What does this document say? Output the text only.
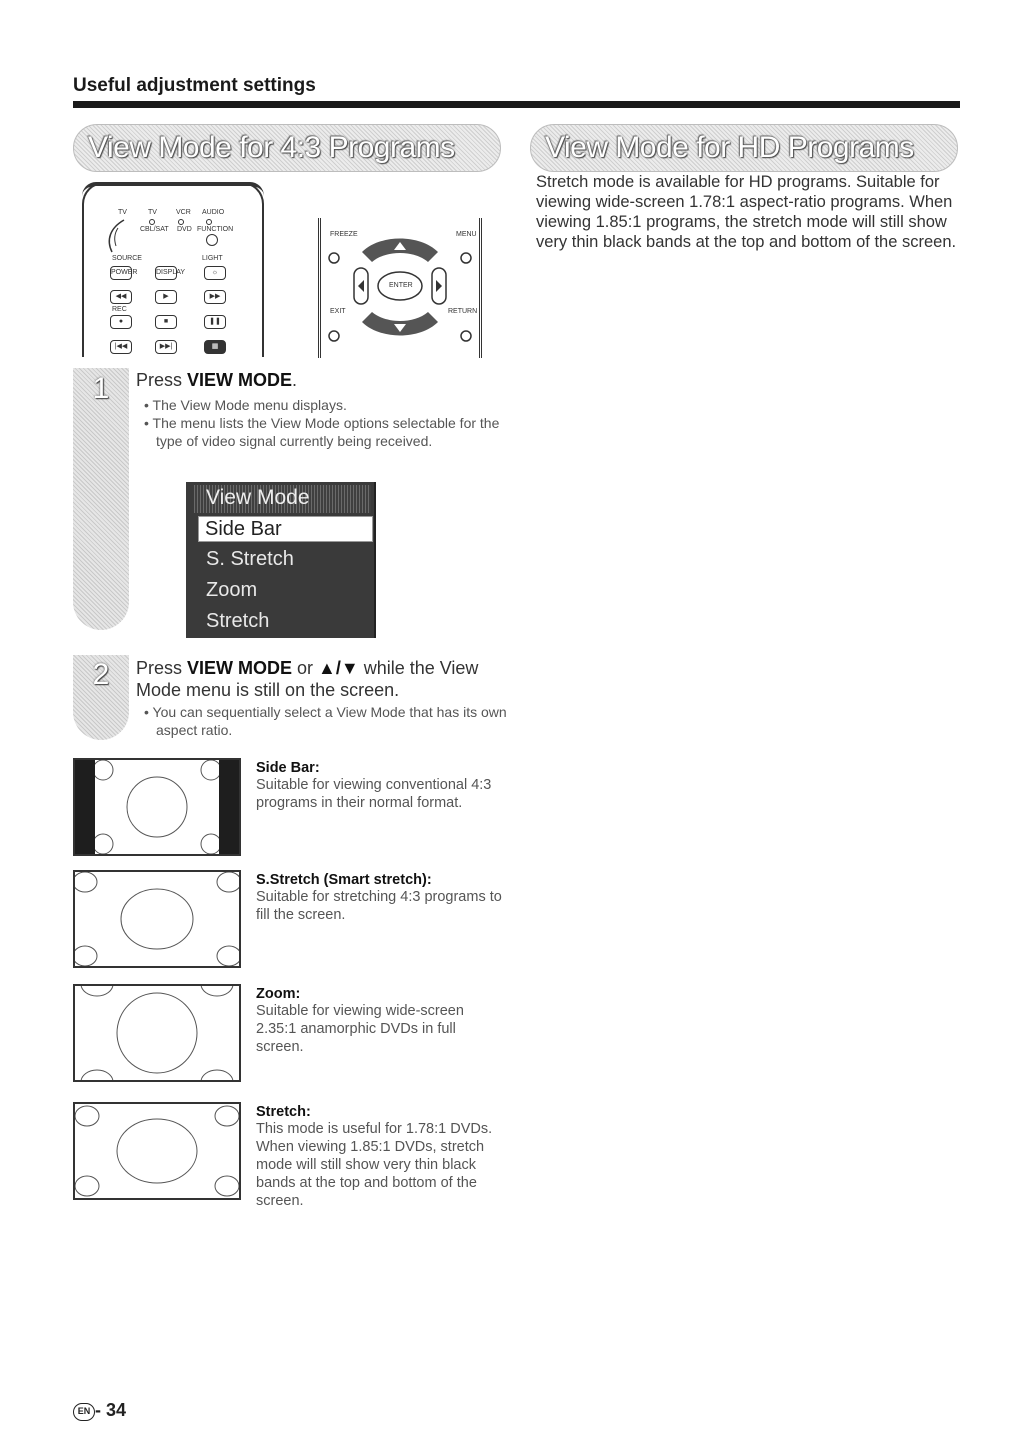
Useful adjustment settings
View Mode for 4:3 Programs	View Mode for HD Programs
Stretch mode is available for HD programs. Suitable for viewing wide-screen 1.78:1 aspect-ratio programs. When viewing 1.85:1 programs, the stretch mode will still show very thin black bands at the top and bottom of the screen.
TV	TV	VCR AUDIO
CBL/SAT DVD FUNCTION
SOURCE	LIGHT
POWER	DISPLAY	☼
◀◀	▶	▶▶
REC
●	■	❚❚
|◀◀	▶▶|	▦
FREEZE	MENU
ENTER
EXIT	RETURN
1	Press VIEW MODE.
• The View Mode menu displays.
• The menu lists the View Mode options selectable for the type of video signal currently being received.
View Mode
Side Bar
S. Stretch
Zoom
Stretch
2	Press VIEW MODE or ▲/▼ while the View Mode menu is still on the screen.
• You can sequentially select a View Mode that has its own aspect ratio.
Side Bar:
Suitable for viewing conventional 4:3 programs in their normal format.
S.Stretch (Smart stretch):
Suitable for stretching 4:3 programs to fill the screen.
Zoom:
Suitable for viewing wide-screen 2.35:1 anamorphic DVDs in full screen.
Stretch:
This mode is useful for 1.78:1 DVDs.
When viewing 1.85:1 DVDs, stretch mode will still show very thin black bands at the top and bottom of the screen.
EN - 34
